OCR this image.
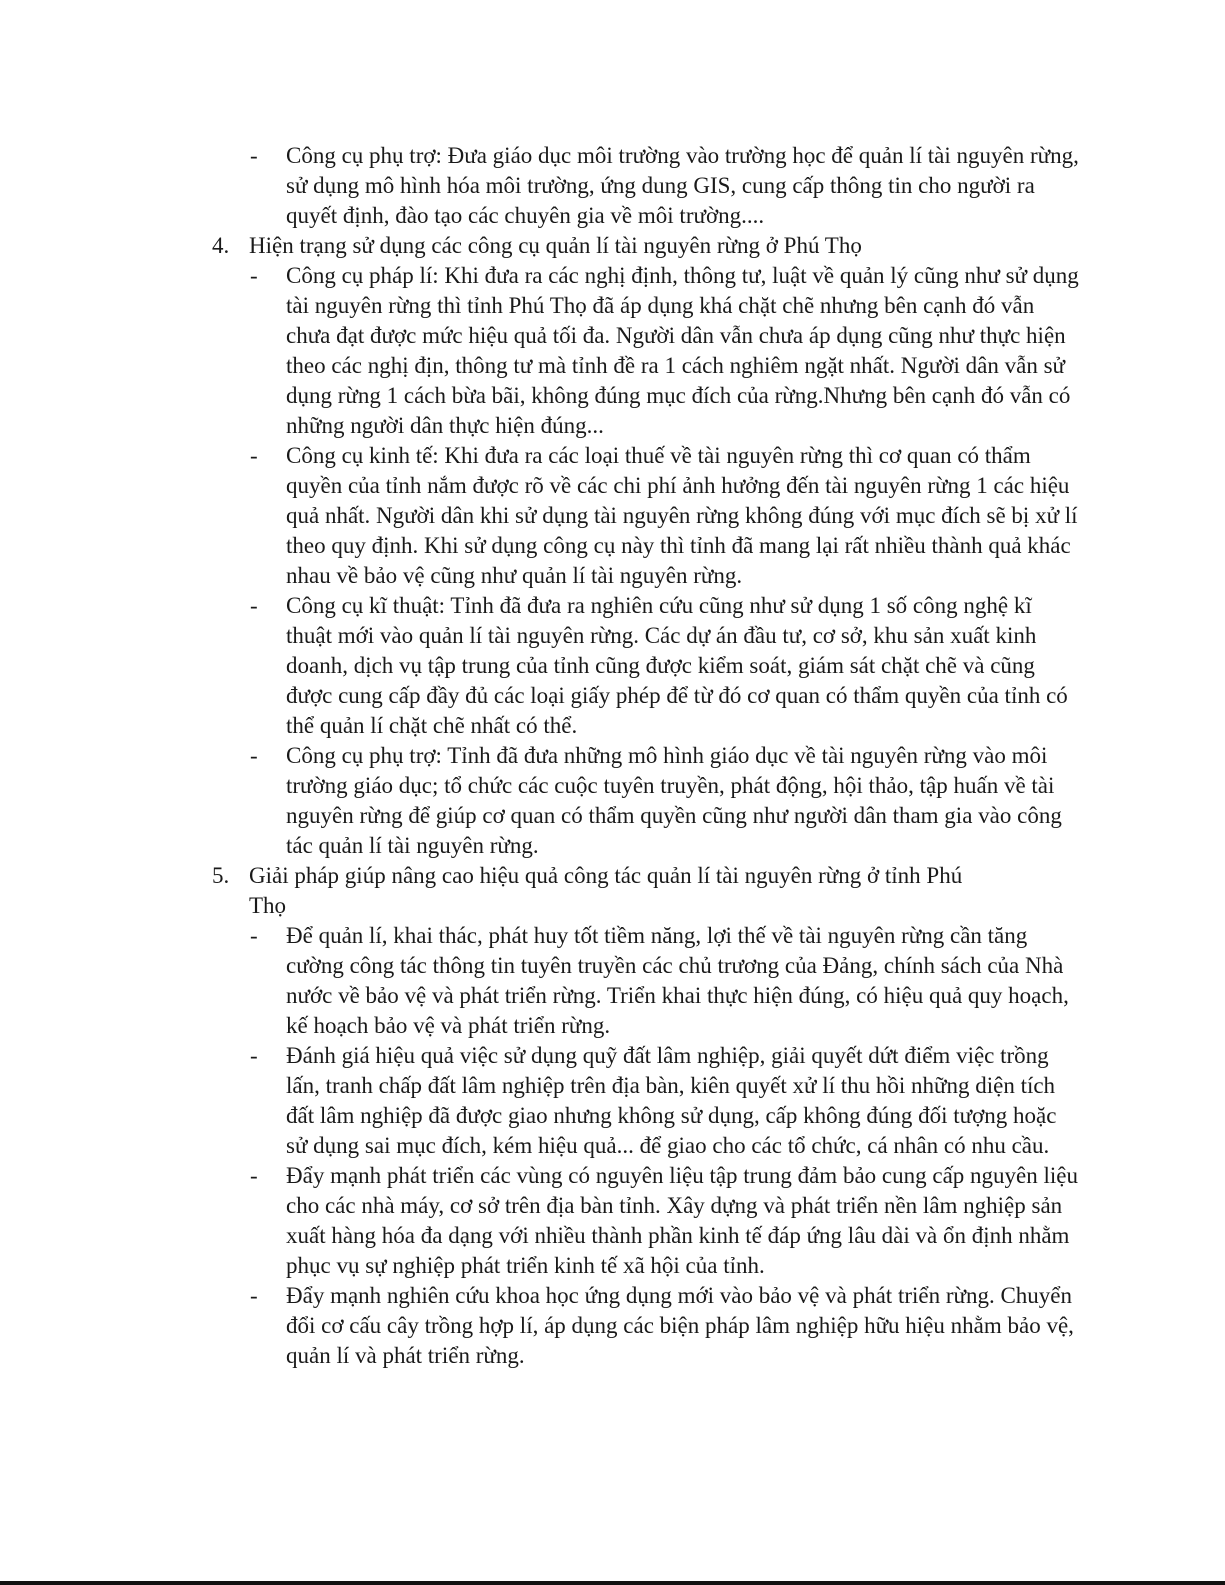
- Công cụ phụ trợ: Đưa giáo dục môi trường vào trường học để quản lí tài nguyên rừng, sử dụng mô hình hóa môi trường, ứng dung GIS, cung cấp thông tin cho người ra quyết định, đào tạo các chuyên gia về môi trường....
4. Hiện trạng sử dụng các công cụ quản lí tài nguyên rừng ở Phú Thọ
- Công cụ pháp lí: Khi đưa ra các nghị định, thông tư, luật về quản lý cũng như sử dụng tài nguyên rừng thì tỉnh Phú Thọ đã áp dụng khá chặt chẽ nhưng bên cạnh đó vẫn chưa đạt được mức hiệu quả tối đa. Người dân vẫn chưa áp dụng cũng như thực hiện theo các nghị địn, thông tư mà tỉnh đề ra 1 cách nghiêm ngặt nhất. Người dân vẫn sử dụng rừng 1 cách bừa bãi, không đúng mục đích của rừng.Nhưng bên cạnh đó vẫn có những người dân thực hiện đúng...
- Công cụ kinh tế: Khi đưa ra các loại thuế về tài nguyên rừng thì cơ quan có thẩm quyền của tỉnh nắm được rõ về các chi phí ảnh hưởng đến tài nguyên rừng 1 các hiệu quả nhất. Người dân khi sử dụng tài nguyên rừng không đúng với mục đích sẽ bị xử lí theo quy định. Khi sử dụng công cụ này thì tỉnh đã mang lại rất nhiều thành quả khác nhau về bảo vệ cũng như quản lí tài nguyên rừng.
- Công cụ kĩ thuật: Tỉnh đã đưa ra nghiên cứu cũng như sử dụng 1 số công nghệ kĩ thuật mới vào quản lí tài nguyên rừng. Các dự án đầu tư, cơ sở, khu sản xuất kinh doanh, dịch vụ tập trung của tỉnh cũng được kiểm soát, giám sát chặt chẽ và cũng được cung cấp đầy đủ các loại giấy phép để từ đó cơ quan có thẩm quyền của tỉnh có thể quản lí chặt chẽ nhất có thể.
- Công cụ phụ trợ: Tỉnh đã đưa những mô hình giáo dục về tài nguyên rừng vào môi trường giáo dục; tổ chức các cuộc tuyên truyền, phát động, hội thảo, tập huấn về tài nguyên rừng để giúp cơ quan có thẩm quyền cũng như người dân tham gia vào công tác quản lí tài nguyên rừng.
5. Giải pháp giúp nâng cao hiệu quả công tác quản lí tài nguyên rừng ở tỉnh Phú Thọ
- Để quản lí, khai thác, phát huy tốt tiềm năng, lợi thế về tài nguyên rừng cần tăng cường công tác thông tin tuyên truyền các chủ trương của Đảng, chính sách của Nhà nước về bảo vệ và phát triển rừng. Triển khai thực hiện đúng, có hiệu quả quy hoạch, kế hoạch bảo vệ và phát triển rừng.
- Đánh giá hiệu quả việc sử dụng quỹ đất lâm nghiệp, giải quyết dứt điểm việc trồng lấn, tranh chấp đất lâm nghiệp trên địa bàn, kiên quyết xử lí thu hồi những diện tích đất lâm nghiệp đã được giao nhưng không sử dụng, cấp không đúng đối tượng hoặc sử dụng sai mục đích, kém hiệu quả... để giao cho các tổ chức, cá nhân có nhu cầu.
- Đẩy mạnh phát triển các vùng có nguyên liệu tập trung đảm bảo cung cấp nguyên liệu cho các nhà máy, cơ sở trên địa bàn tỉnh. Xây dựng và phát triển nền lâm nghiệp sản xuất hàng hóa đa dạng với nhiều thành phần kinh tế đáp ứng lâu dài và ổn định nhằm phục vụ sự nghiệp phát triển kinh tế xã hội của tỉnh.
- Đẩy mạnh nghiên cứu khoa học ứng dụng mới vào bảo vệ và phát triển rừng. Chuyển đổi cơ cấu cây trồng hợp lí, áp dụng các biện pháp lâm nghiệp hữu hiệu nhằm bảo vệ, quản lí và phát triển rừng.
